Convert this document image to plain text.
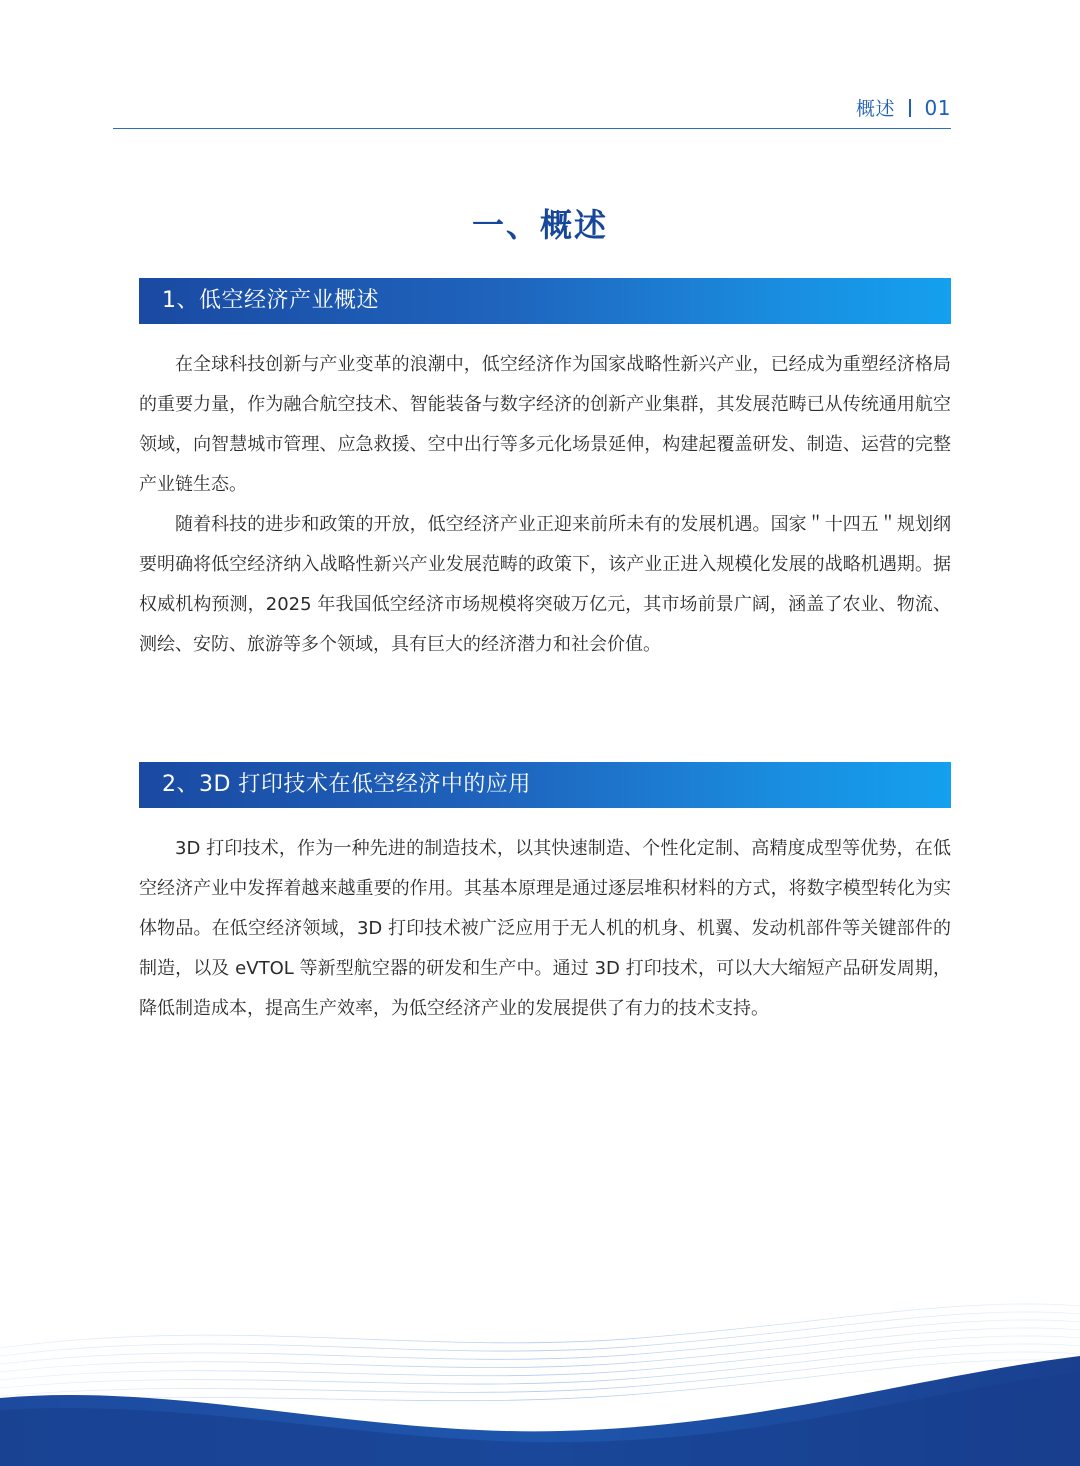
概述 01
一、概述
1、低空经济产业概述

在全球科技创新与产业变革的浪潮中，低空经济作为国家战略性新兴产业，已经成为重塑经济格局的重要力量，作为融合航空技术、智能装备与数字经济的创新产业集群，其发展范畴已从传统通用航空领域，向智慧城市管理、应急救援、空中出行等多元化场景延伸，构建起覆盖研发、制造、运营的完整产业链生态。

随着科技的进步和政策的开放，低空经济产业正迎来前所未有的发展机遇。国家＂十四五＂规划纲要明确将低空经济纳入战略性新兴产业发展范畴的政策下，该产业正进入规模化发展的战略机遇期。据权威机构预测，2025 年我国低空经济市场规模将突破万亿元，其市场前景广阔，涵盖了农业、物流、测绘、安防、旅游等多个领域，具有巨大的经济潜力和社会价值。

2、3D 打印技术在低空经济中的应用

3D 打印技术，作为一种先进的制造技术，以其快速制造、个性化定制、高精度成型等优势，在低空经济产业中发挥着越来越重要的作用。其基本原理是通过逐层堆积材料的方式，将数字模型转化为实体物品。在低空经济领域，3D 打印技术被广泛应用于无人机的机身、机翼、发动机部件等关键部件的制造，以及 eVTOL 等新型航空器的研发和生产中。通过 3D 打印技术，可以大大缩短产品研发周期，降低制造成本，提高生产效率，为低空经济产业的发展提供了有力的技术支持。
